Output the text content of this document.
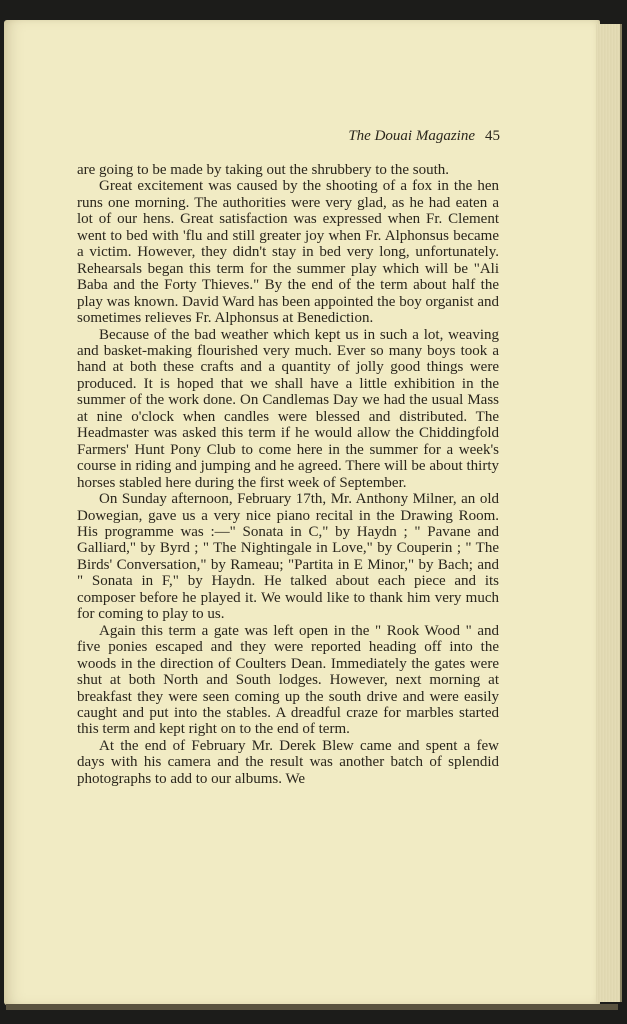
The Douai Magazine 45

are going to be made by taking out the shrubbery to the south.

Great excitement was caused by the shooting of a fox in the hen runs one morning. The authorities were very glad, as he had eaten a lot of our hens. Great satisfaction was expressed when Fr. Clement went to bed with 'flu and still greater joy when Fr. Alphonsus became a victim. However, they didn't stay in bed very long, unfortunately. Rehearsals began this term for the summer play which will be "Ali Baba and the Forty Thieves." By the end of the term about half the play was known. David Ward has been appointed the boy organist and sometimes relieves Fr. Alphonsus at Benediction.

Because of the bad weather which kept us in such a lot, weaving and basket-making flourished very much. Ever so many boys took a hand at both these crafts and a quantity of jolly good things were produced. It is hoped that we shall have a little exhibition in the summer of the work done. On Candlemas Day we had the usual Mass at nine o'clock when candles were blessed and distributed. The Headmaster was asked this term if he would allow the Chiddingfold Farmers' Hunt Pony Club to come here in the summer for a week's course in riding and jumping and he agreed. There will be about thirty horses stabled here during the first week of September.

On Sunday afternoon, February 17th, Mr. Anthony Milner, an old Dowegian, gave us a very nice piano recital in the Drawing Room. His programme was :—" Sonata in C," by Haydn ; " Pavane and Galliard," by Byrd ; " The Nightingale in Love," by Couperin ; " The Birds' Conversation," by Rameau; "Partita in E Minor," by Bach; and " Sonata in F," by Haydn. He talked about each piece and its composer before he played it. We would like to thank him very much for coming to play to us.

Again this term a gate was left open in the " Rook Wood " and five ponies escaped and they were reported heading off into the woods in the direction of Coulters Dean. Immediately the gates were shut at both North and South lodges. However, next morning at breakfast they were seen coming up the south drive and were easily caught and put into the stables. A dreadful craze for marbles started this term and kept right on to the end of term.

At the end of February Mr. Derek Blew came and spent a few days with his camera and the result was another batch of splendid photographs to add to our albums. We
